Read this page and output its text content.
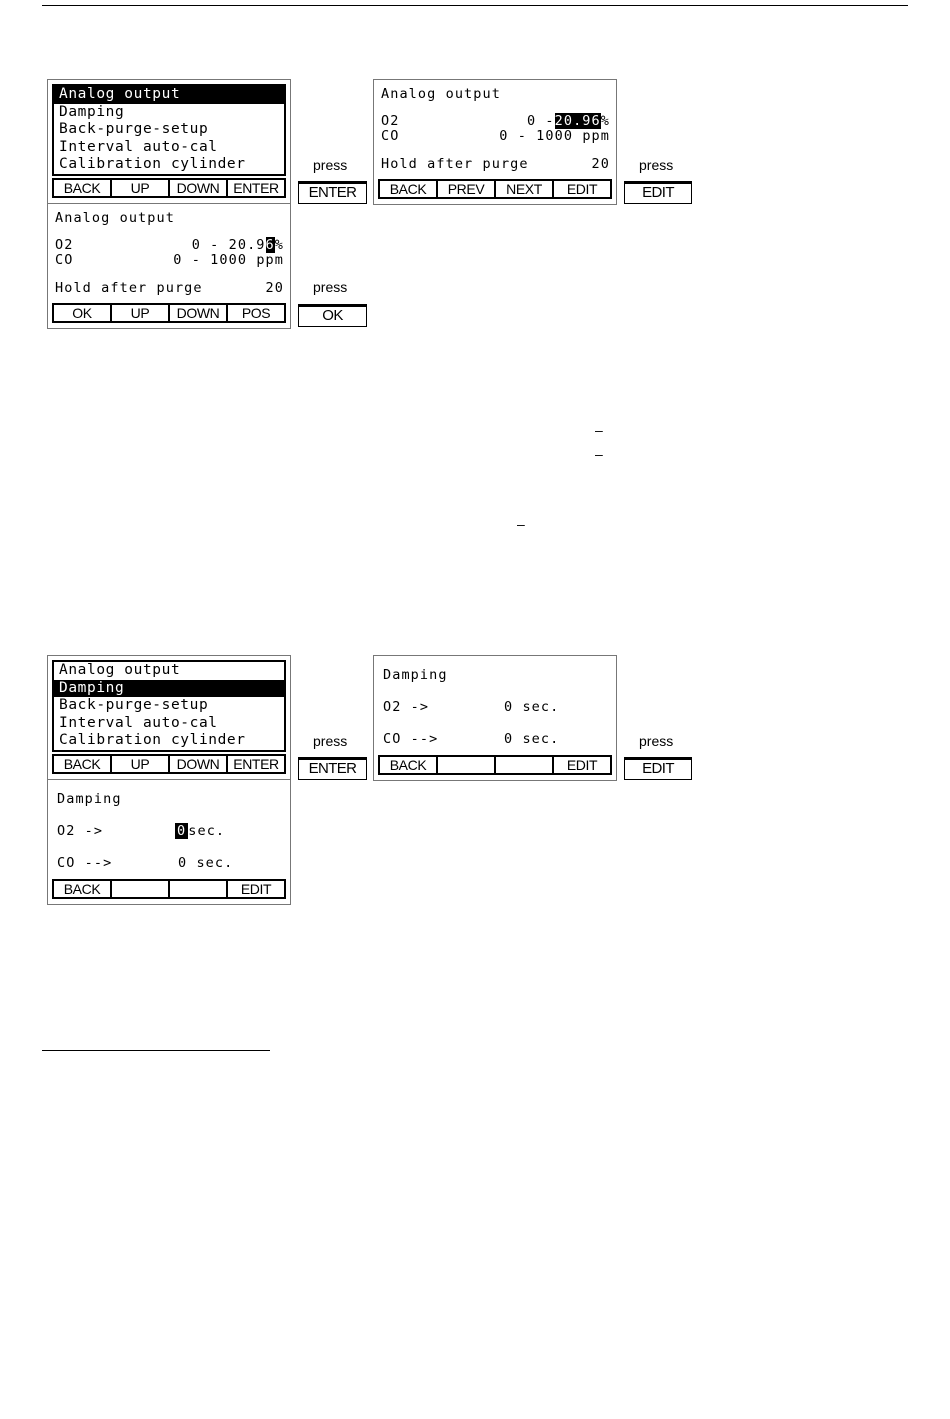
Analog output
Damping
Back-purge-setup
Interval auto-cal
Calibration cylinder
BACK	UP	DOWN ENTER
press
ENTER
Analog output
O2	0 -20.96%
CO	0 - 1000 ppm
Hold after purge	20
BACK	PREV	NEXT	EDIT
press
EDIT
Analog output
O2	0 - 20.96%
CO	0 - 1000 ppm
Hold after purge	20
OK	UP	DOWN	POS
press
OK
–
–
–
Analog output
Damping
Back-purge-setup
Interval auto-cal
Calibration cylinder
BACK	UP	DOWN ENTER
press
ENTER
Damping
O2 ->	0 sec.
CO -->	0 sec.
BACK	EDIT
press
EDIT
Damping
O2 ->	0 sec.
CO -->	0 sec.
BACK	EDIT
